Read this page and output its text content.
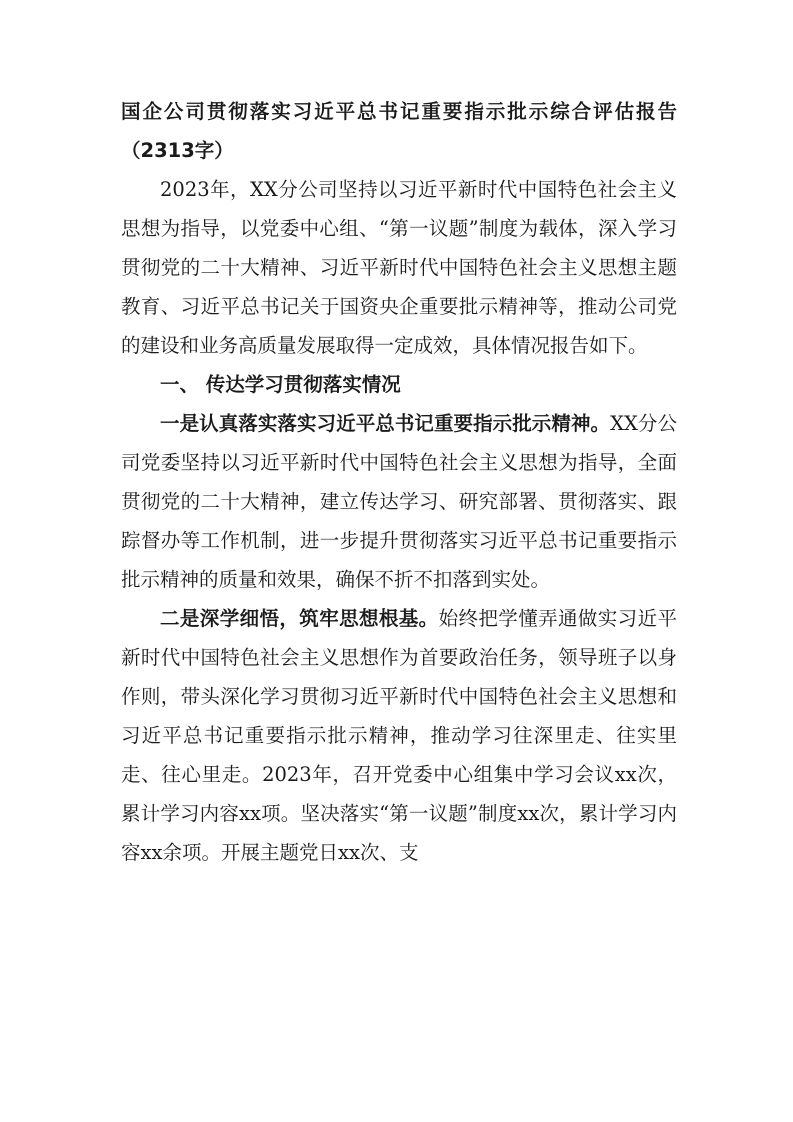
国企公司贯彻落实习近平总书记重要指示批示综合评估报告（2313字）

2023年，XX分公司坚持以习近平新时代中国特色社会主义思想为指导，以党委中心组、“第一议题”制度为载体，深入学习贯彻党的二十大精神、习近平新时代中国特色社会主义思想主题教育、习近平总书记关于国资央企重要批示精神等，推动公司党的建设和业务高质量发展取得一定成效，具体情况报告如下。

一、 传达学习贯彻落实情况

一是认真落实落实习近平总书记重要指示批示精神。XX分公司党委坚持以习近平新时代中国特色社会主义思想为指导，全面贯彻党的二十大精神，建立传达学习、研究部署、贯彻落实、跟踪督办等工作机制，进一步提升贯彻落实习近平总书记重要指示批示精神的质量和效果，确保不折不扣落到实处。

二是深学细悟，筑牢思想根基。始终把学懂弄通做实习近平新时代中国特色社会主义思想作为首要政治任务，领导班子以身作则，带头深化学习贯彻习近平新时代中国特色社会主义思想和习近平总书记重要指示批示精神，推动学习往深里走、往实里走、往心里走。2023年，召开党委中心组集中学习会议xx次，累计学习内容xx项。坚决落实“第一议题”制度xx次，累计学习内容xx余项。开展主题党日xx次、支
